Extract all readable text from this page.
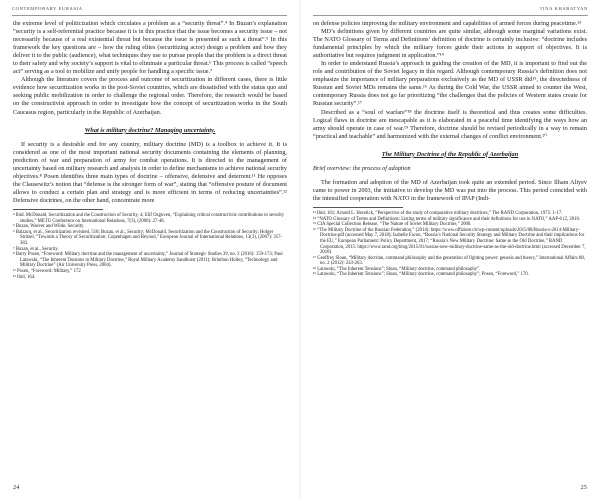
CONTEMPORARY EURASIA	TINA KHARATYAN

the extreme level of politicization which circulates a problem as a “security threat”.⁴ In Buzan’s explanation “security is a self-referential practice because it is in this practice that the issue becomes a security issue – not necessarily because of a real existential threat but because the issue is presented as such a threat”.⁵ In this framework the key questions are – how the ruling elites (securitizing actor) design a problem and how they deliver it to the public (audience), what techniques they use to pursue people that the problem is a direct threat to their safety and why society’s support is vital to eliminate a particular threat.⁶ This process is called “speech act” serving as a tool to mobilize and unify people for handling a specific issue.⁷

Although the literature covers the process and outcome of securitization in different cases, there is little evidence how securitization works in the post-Soviet countries, which are dissatisfied with the status quo and seeking public mobilization in order to challenge the regional order. Therefore, the research would be based on the constructivist approach in order to investigate how the concept of securitization works in the South Caucasus region, particularly in the Republic of Azerbaijan.

What is military doctrine? Managing uncertainty.

If security is a desirable end for any country, military doctrine (MD) is a toolbox to achieve it. It is considered as one of the most important national security documents containing the elements of planning, prediction of war and preparation of army for combat operations. It is directed to the management of uncertainty based on military research and analysis in order to define mechanisms to achieve national security objectives.⁸ Posen identifies three main types of doctrine – offensive, defensive and deterrent.¹¹ He opposes the Clausewitz’s notion that “defense is the stronger form of war”, stating that “offensive posture of document allows to conduct a certain plan and strategy and is more efficient in terms of reducing uncertainties”.¹² Defensive doctrines, on the other hand, concentrate more

⁴ Ibid. McDonald, Securitization and the Construction of Security, 4; Elif Ozguven, “Explaining critical constructivist contributions to security studies,” METU Conference on International Relations, 7(3), (2006): 27-48.
⁵ Buzan, Waever and Wilde, Security.
⁶ Balzacq, et al., Securitization revisited, 518; Buzan, et al., Security; McDonald, Securitization and the Construction of Security; Holger Stritzel, “Towards a Theory of Securitization: Copenhagen and Beyond,” European Journal of International Relations, 13(3), (2007): 357-383.
⁷ Buzan, et al., Security.
⁸ Barry Posen, “Foreword: Military doctrine and the management of uncertainty,” Journal of Strategic Studies 39, no. 2 (2016): 159-173; Paul Latawski, “The Inherent Tensions in Military Doctrine,” Royal Military Academy Sandhurst (2011); Brinthon Holley, “Technology and Military Doctrine” (Air University Press, 2004).
¹¹ Posen, “Foreword: Military,” 172
¹² Ibid, 164.

on defense policies improving the military environment and capabilities of armed forces during peacetime.¹³

MD’s definitions given by different countries are quite similar, although some marginal variations exist. The NATO Glossary of Terms and Definitions’ definition of doctrine is certainly inclusive: “doctrine includes fundamental principles by which the military forces guide their actions in support of objectives. It is authoritative but requires judgment in application.”¹⁴

In order to understand Russia’s approach in guiding the creation of the MD, it is important to find out the role and contribution of the Soviet legacy in this regard. Although contemporary Russia’s definition does not emphasize the importance of military preparations exclusively as the MD of USSR did¹⁵, the directedness of Russian and Soviet MDs remains the same.¹⁶ As during the Cold War, the USSR aimed to counter the West, contemporary Russia does not go far prioritizing “the challenges that the policies of Western states create for Russian security”.¹⁷

Described as a “soul of warfare”¹⁸ the doctrine itself is theoretical and thus creates some difficulties. Logical flaws in doctrine are inescapable as it is elaborated in a peaceful time identifying the ways how an army should operate in case of war.¹⁹ Therefore, doctrine should be revised periodically in a way to remain “practical and teachable” and harmonized with the external changes of conflict environment.²⁰

The Military Doctrine of the Republic of Azerbaijan
Brief overview: the process of adoption

The formation and adoption of the MD of Azerbaijan took quite an extended period. Since Ilham Aliyev came to power in 2003, the initiative to develop the MD was put into the process. This period coincided with the intensified cooperation with NATO in the framework of IPAP (Indi-

¹³ Ibid, 161; Arnold L. Horelick, “Perspective of the study of comparative military doctrines,” The RAND Corporation, 1975: 1-17.
¹⁴ “NATO Glossary of Terms and Definitions: Listing terms of military significance and their definitions for use in NATO,” AAP-6 (2, 2010.
¹⁵ CIA Special Collection Release, “The Nature of Soviet Military Doctrine,” 2000.
¹⁶ “The Military Doctrine of the Russian Federation,” (2014): https://www.offiziere.ch/wp-content/uploads/2015/08/Russia-s-2014-Military-Doctrine.pdf (accessed May 7, 2018); Isabelle Facon, “Russia’s National Security Strategy and Military Doctrine and their implications for the EU,” European Parliament: Policy Department, 2017; “Russia’s New Military Doctrine: Same as the Old Doctrine,” RAND Corporation, 2015: https://www.rand.org/blog/2015/01/russias-new-military-doctrine-same-as-the-old-doctrine.html (accessed December 7, 2018).
¹⁷ Geoffrey Sloan, “Military doctrine, command philosophy and the generation of fighting power: genesis and theory,” International Affairs 88, no. 2 (2012): 243-263.
¹⁸ Latawski, “The Inherent Tensions”; Sloan, “Military doctrine, command philosophy”.
¹⁹ Latawski, “The Inherent Tensions”; Sloan, “Military doctrine, command philosophy”; Posen, “Foreword,” 170.
24	25
